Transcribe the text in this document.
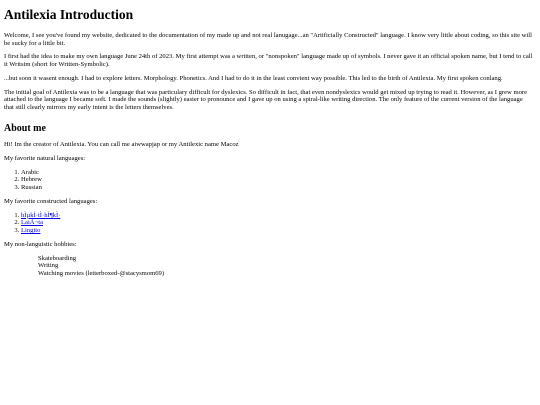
Antilexia Introduction

Welcome, I see you've found my website, dedicated to the documentation of my made up and not real lanugage...an "Artificially Constructed" language. I know very little about coding, so this site will be sucky for a little bit.

I first had the idea to make my own language June 24th of 2023. My first attempt was a written, or "nonspoken" language made up of symbols. I never gave it an official spoken name, but I tend to call it Writsim (short for Written-Symbolic).

...but soon it wasent enough. I had to explore letters. Morphology. Phonetics. And I had to do it in the least convient way possible. This led to the birth of Antilexia. My first spoken conlang.

The initial goal of Antilexia was to be a language that was particulary difficult for dyslexics. So difficult in fact, that even nondyslexics would get mixed up trying to read it. However, as I grew more attached to the language I became soft. I made the sounds (slightly) easier to pronounce and I gave up on using a spiral-like writing direction. The only feature of the current version of the language that still clearly mirrors my early intent is the letters themselves.

About me

Hi! Im the creator of Antilexia. You can call me aiwwapjap or my Antilexic name Macoz

My favorite natural languages:

1. Arabic
2. Hebrew
3. Russian

My favorite constructed languages:

1. hÌµkÌ·tÌ·hÌ¶kÌ·
2. LaiÃ¬ta
3. Lingito

My non-languistic hobbies:

Skateboarding
Writing
Watching movies (letterboxed-@stacysmom69)
